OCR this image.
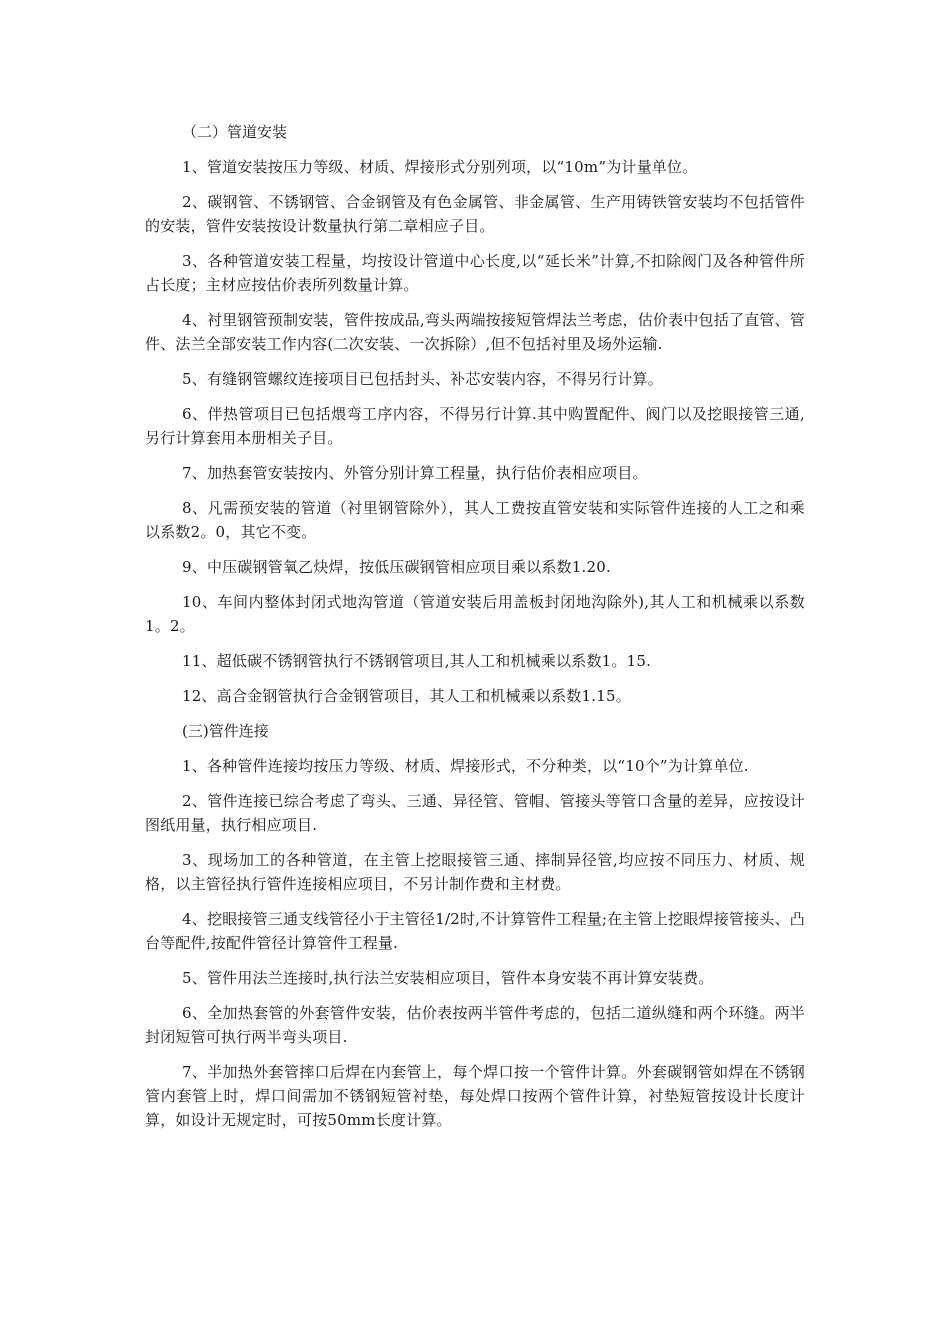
（二）管道安装

1、管道安装按压力等级、材质、焊接形式分别列项，以“10m”为计量单位。

2、碳钢管、不锈钢管、合金钢管及有色金属管、非金属管、生产用铸铁管安装均不包括管件的安装，管件安装按设计数量执行第二章相应子目。

3、各种管道安装工程量，均按设计管道中心长度,以“延长米”计算,不扣除阀门及各种管件所占长度；主材应按估价表所列数量计算。

4、衬里钢管预制安装，管件按成品,弯头两端按接短管焊法兰考虑，估价表中包括了直管、管件、法兰全部安装工作内容(二次安装、一次拆除）,但不包括衬里及场外运输.

5、有缝钢管螺纹连接项目已包括封头、补芯安装内容，不得另行计算。

6、伴热管项目已包括煨弯工序内容，不得另行计算.其中购置配件、阀门以及挖眼接管三通,另行计算套用本册相关子目。

7、加热套管安装按内、外管分别计算工程量，执行估价表相应项目。

8、凡需预安装的管道（衬里钢管除外），其人工费按直管安装和实际管件连接的人工之和乘以系数2。0，其它不变。

9、中压碳钢管氧乙炔焊，按低压碳钢管相应项目乘以系数1.20.

10、车间内整体封闭式地沟管道（管道安装后用盖板封闭地沟除外),其人工和机械乘以系数1。2。

11、超低碳不锈钢管执行不锈钢管项目,其人工和机械乘以系数1。15.

12、高合金钢管执行合金钢管项目，其人工和机械乘以系数1.15。

(三)管件连接

1、各种管件连接均按压力等级、材质、焊接形式，不分种类，以“10个”为计算单位.

2、管件连接已综合考虑了弯头、三通、异径管、管帽、管接头等管口含量的差异，应按设计图纸用量，执行相应项目.

3、现场加工的各种管道，在主管上挖眼接管三通、摔制异径管,均应按不同压力、材质、规格，以主管径执行管件连接相应项目，不另计制作费和主材费。

4、挖眼接管三通支线管径小于主管径1/2时,不计算管件工程量;在主管上挖眼焊接管接头、凸台等配件,按配件管径计算管件工程量.

5、管件用法兰连接时,执行法兰安装相应项目，管件本身安装不再计算安装费。

6、全加热套管的外套管件安装，估价表按两半管件考虑的，包括二道纵缝和两个环缝。两半封闭短管可执行两半弯头项目.

7、半加热外套管摔口后焊在内套管上，每个焊口按一个管件计算。外套碳钢管如焊在不锈钢管内套管上时，焊口间需加不锈钢短管衬垫，每处焊口按两个管件计算，衬垫短管按设计长度计算，如设计无规定时，可按50mm长度计算。
